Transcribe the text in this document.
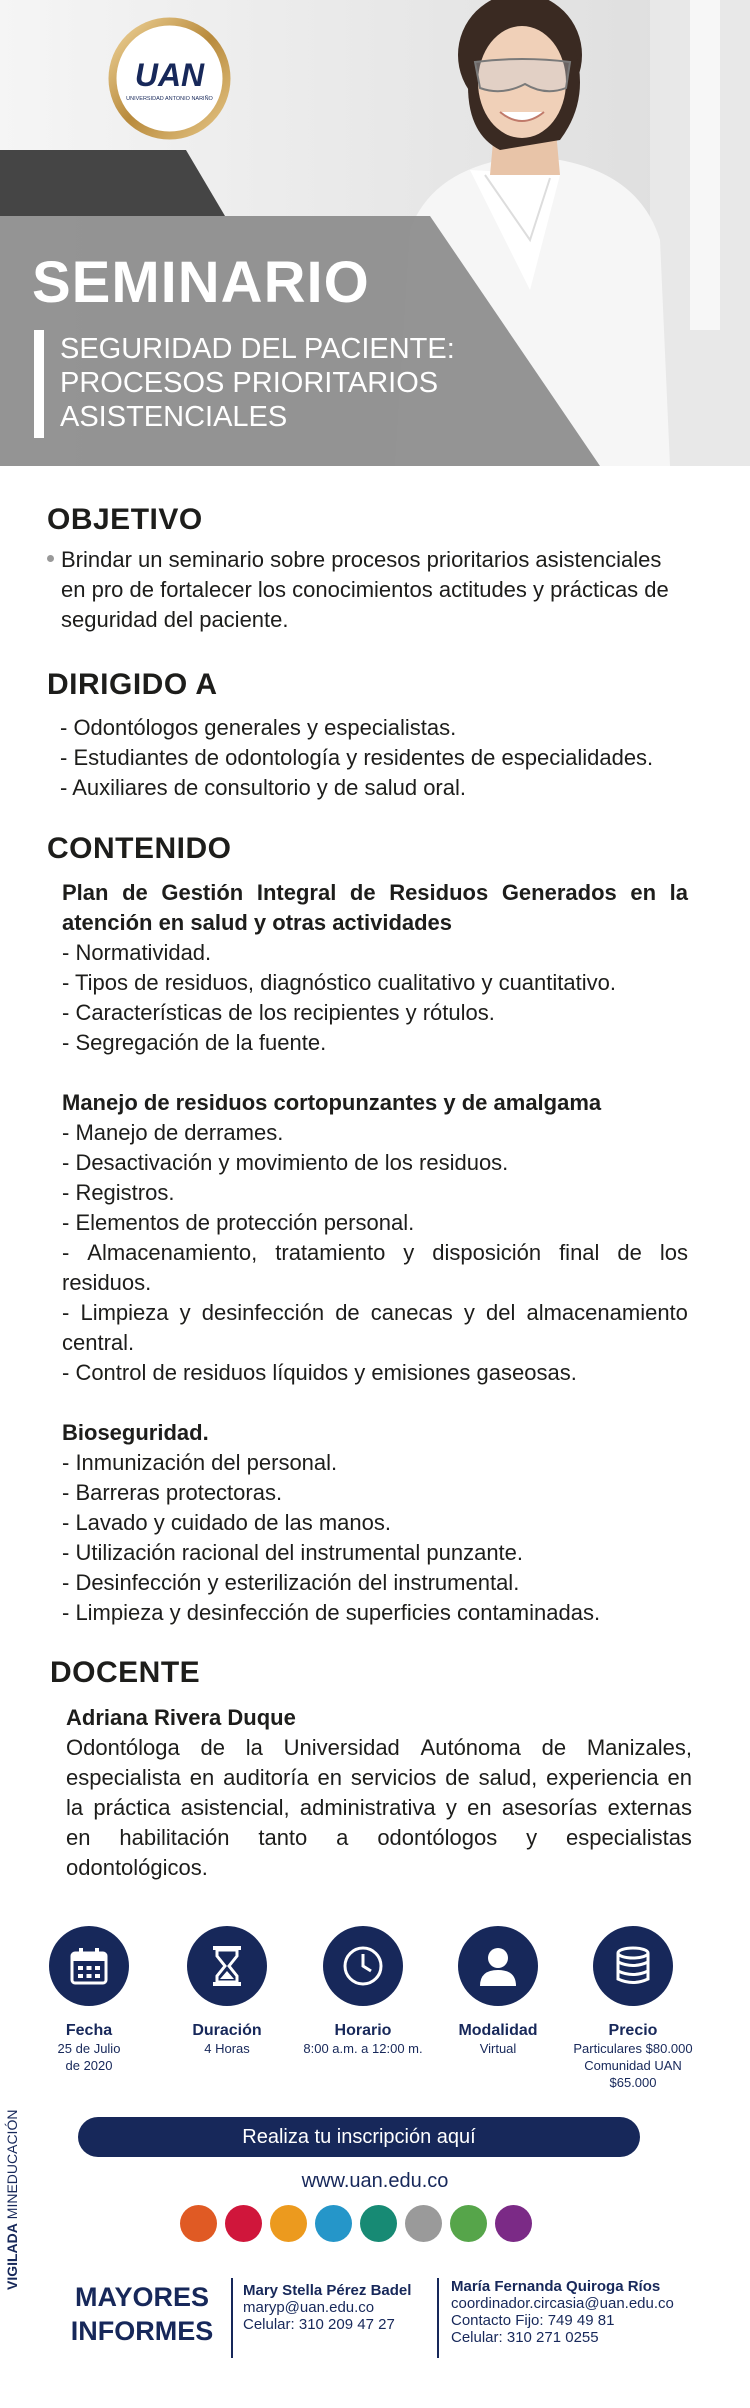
UAN
UNIVERSIDAD ANTONIO NARIÑO
SEMINARIO
SEGURIDAD DEL PACIENTE:
PROCESOS PRIORITARIOS
ASISTENCIALES
OBJETIVO
Brindar un seminario sobre procesos prioritarios asistenciales
en pro de fortalecer los conocimientos actitudes y prácticas de
seguridad del paciente.
DIRIGIDO A
- Odontólogos generales y especialistas.
- Estudiantes de odontología y residentes de especialidades.
- Auxiliares de consultorio y de salud oral.
CONTENIDO
Plan de Gestión Integral de Residuos Generados en la
atención en salud y otras actividades
- Normatividad.
- Tipos de residuos, diagnóstico cualitativo y cuantitativo.
- Características de los recipientes y rótulos.
- Segregación de la fuente.
Manejo de residuos cortopunzantes y de amalgama
- Manejo de derrames.
- Desactivación y movimiento de los residuos.
- Registros.
- Elementos de protección personal.
- Almacenamiento, tratamiento y disposición final de los
residuos.
- Limpieza y desinfección de canecas y del almacenamiento
central.
- Control de residuos líquidos y emisiones gaseosas.
Bioseguridad.
- Inmunización del personal.
- Barreras protectoras.
- Lavado y cuidado de las manos.
- Utilización racional del instrumental punzante.
- Desinfección y esterilización del instrumental.
- Limpieza y desinfección de superficies contaminadas.
DOCENTE
Adriana Rivera Duque
Odontóloga de la Universidad Autónoma de Manizales,
especialista en auditoría en servicios de salud, experiencia en
la práctica asistencial, administrativa y en asesorías externas
en habilitación tanto a odontólogos y especialistas
odontológicos.
Fecha
25 de Julio
de 2020
Duración
4 Horas
Horario
8:00 a.m. a 12:00 m.
Modalidad
Virtual
Precio
Particulares $80.000
Comunidad UAN $65.000
Realiza tu inscripción aquí
www.uan.edu.co
VIGILADA MINEDUCACIÓN
MAYORES
INFORMES
Mary Stella Pérez Badel
maryp@uan.edu.co
Celular: 310 209 47 27
María Fernanda Quiroga Ríos
coordinador.circasia@uan.edu.co
Contacto Fijo: 749 49 81
Celular: 310 271 0255
